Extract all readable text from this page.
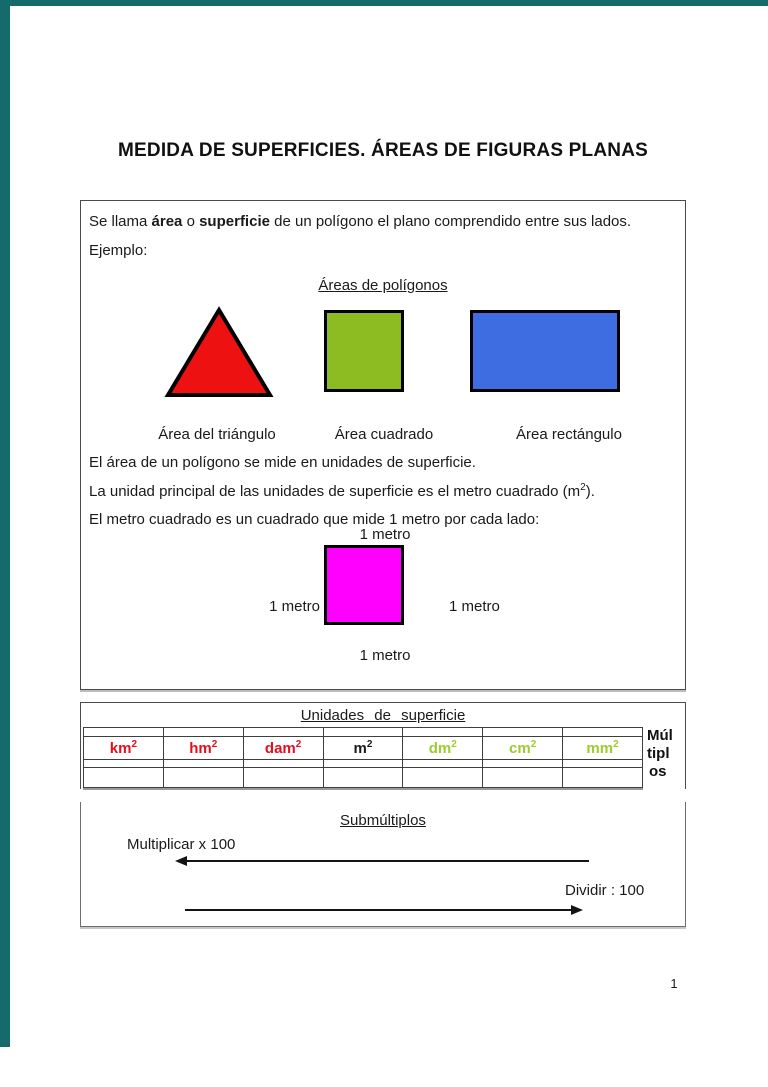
MEDIDA DE SUPERFICIES. ÁREAS DE FIGURAS PLANAS
Se llama área o superficie de un polígono el plano comprendido entre sus lados.
Ejemplo:
Áreas de polígonos
Área del triángulo	Área cuadrado	Área rectángulo
El área de un polígono se mide en unidades de superficie.
La unidad principal de las unidades de superficie es el metro cuadrado $(m^2)$.
El metro cuadrado es un cuadrado que mide 1 metro por cada lado:
1 metro
1 metro	1 metro
1 metro
Unidades de superficie

$km^2$	$hm^2$	dam$^2$	$m^2$	$dm^2$	$cm^2$	$mm^2$

						Múl
tipl
os
Submúltiplos
Multiplicar x 100
Dividir : 100
1
